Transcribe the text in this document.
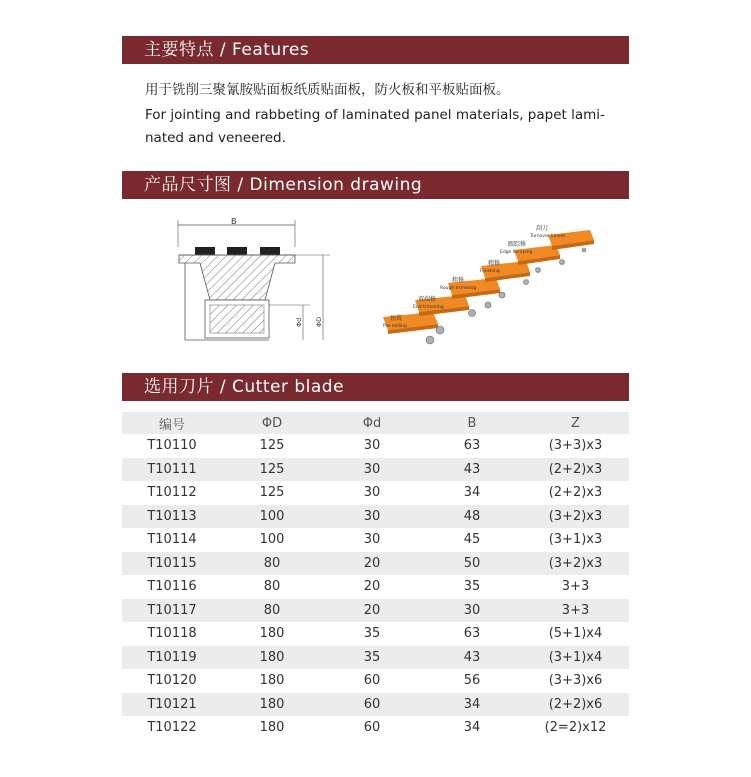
主要特点 / Features
用于铣削三聚氰胺贴面板纸质贴面板，防火板和平板贴面板。
For jointing and rabbeting of laminated panel materials, papet lami-
nated and veneered.
产品尺寸图 / Dimension drawing
B
Φd ΦD	预铣
Pre-milling
双端修
End trimming
粗修
Rough trimming
精修
Finishing
跟踪修
Edge Scraping
刮刀
Turnover knives
选用刀片 / Cutter blade
编号	ΦD	Φd	B	Z
T10110	125	30	63	(3+3)x3
T10111	125	30	43	(2+2)x3
T10112	125	30	34	(2+2)x3
T10113	100	30	48	(3+2)x3
T10114	100	30	45	(3+1)x3
T10115	80	20	50	(3+2)x3
T10116	80	20	35	3+3
T10117	80	20	30	3+3
T10118	180	35	63	(5+1)x4
T10119	180	35	43	(3+1)x4
T10120	180	60	56	(3+3)x6
T10121	180	60	34	(2+2)x6
T10122	180	60	34	(2=2)x12
